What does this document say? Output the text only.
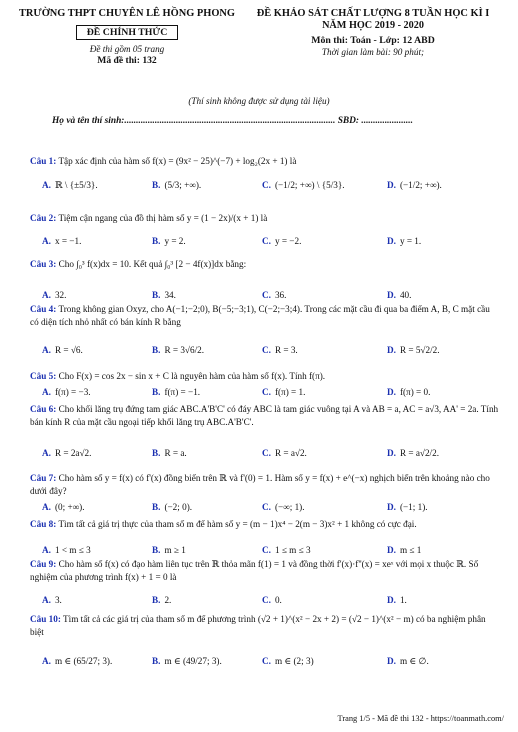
TRƯỜNG THPT CHUYÊN LÊ HỒNG PHONG
ĐỀ CHÍNH THỨC
Đề thi gồm 05 trang
Mã đề thi: 132
ĐỀ KHẢO SÁT CHẤT LƯỢNG 8 TUẦN HỌC KÌ I
NĂM HỌC 2019 - 2020
Môn thi: Toán - Lớp: 12 ABD
Thời gian làm bài: 90 phút;
(Thí sinh không được sử dụng tài liệu)
Họ và tên thí sinh:.......................................................................................... SBD: ......................
Câu 1: Tập xác định của hàm số f(x) = (9x² − 25)^(−7) + log₂(2x + 1) là
A. ℝ \ {±5/3}.	B. (5/3; +∞).	C. (−1/2; +∞) \ {5/3}.	D. (−1/2; +∞).
Câu 2: Tiệm cận ngang của đồ thị hàm số y = (1 − 2x)/(x + 1) là
A. x = −1.	B. y = 2.	C. y = −2.	D. y = 1.
Câu 3: Cho ∫₀³ f(x)dx = 10. Kết quả ∫₀³ [2 − 4f(x)]dx bằng:
A. 32.	B. 34.	C. 36.	D. 40.
Câu 4: Trong không gian Oxyz, cho A(−1;−2;0), B(−5;−3;1), C(−2;−3;4). Trong các mặt cầu đi qua ba điểm A, B, C mặt cầu có diện tích nhỏ nhất có bán kính R bằng
A. R = √6.	B. R = 3√6/2.	C. R = 3.	D. R = 5√2/2.
Câu 5: Cho F(x) = cos 2x − sin x + C là nguyên hàm của hàm số f(x). Tính f(π).
A. f(π) = −3.	B. f(π) = −1.	C. f(π) = 1.	D. f(π) = 0.
Câu 6: Cho khối lăng trụ đứng tam giác ABC.A'B'C' có đáy ABC là tam giác vuông tại A và AB = a, AC = a√3, AA' = 2a. Tính bán kính R của mặt cầu ngoại tiếp khối lăng trụ ABC.A'B'C'.
A. R = 2a√2.	B. R = a.	C. R = a√2.	D. R = a√2/2.
Câu 7: Cho hàm số y = f(x) có f'(x) đồng biến trên ℝ và f'(0) = 1. Hàm số y = f(x) + e^(−x) nghịch biến trên khoảng nào cho dưới đây?
A. (0; +∞).	B. (−2; 0).	C. (−∞; 1).	D. (−1; 1).
Câu 8: Tìm tất cả giá trị thực của tham số m để hàm số y = (m − 1)x⁴ − 2(m − 3)x² + 1 không có cực đại.
A. 1 < m ≤ 3	B. m ≥ 1	C. 1 ≤ m ≤ 3	D. m ≤ 1
Câu 9: Cho hàm số f(x) có đạo hàm liên tục trên ℝ thỏa mãn f(1) = 1 và đồng thời f'(x)·f''(x) = xeˣ với mọi x thuộc ℝ. Số nghiệm của phương trình f(x) + 1 = 0 là
A. 3.	B. 2.	C. 0.	D. 1.
Câu 10: Tìm tất cả các giá trị của tham số m để phương trình (√2 + 1)^(x² − 2x + 2) = (√2 − 1)^(x² − m) có ba nghiệm phân biệt
A. m ∈ (65/27; 3).	B. m ∈ (49/27; 3).	C. m ∈ (2; 3)	D. m ∈ ∅.
Trang 1/5 - Mã đề thi 132 - https://toanmath.com/
